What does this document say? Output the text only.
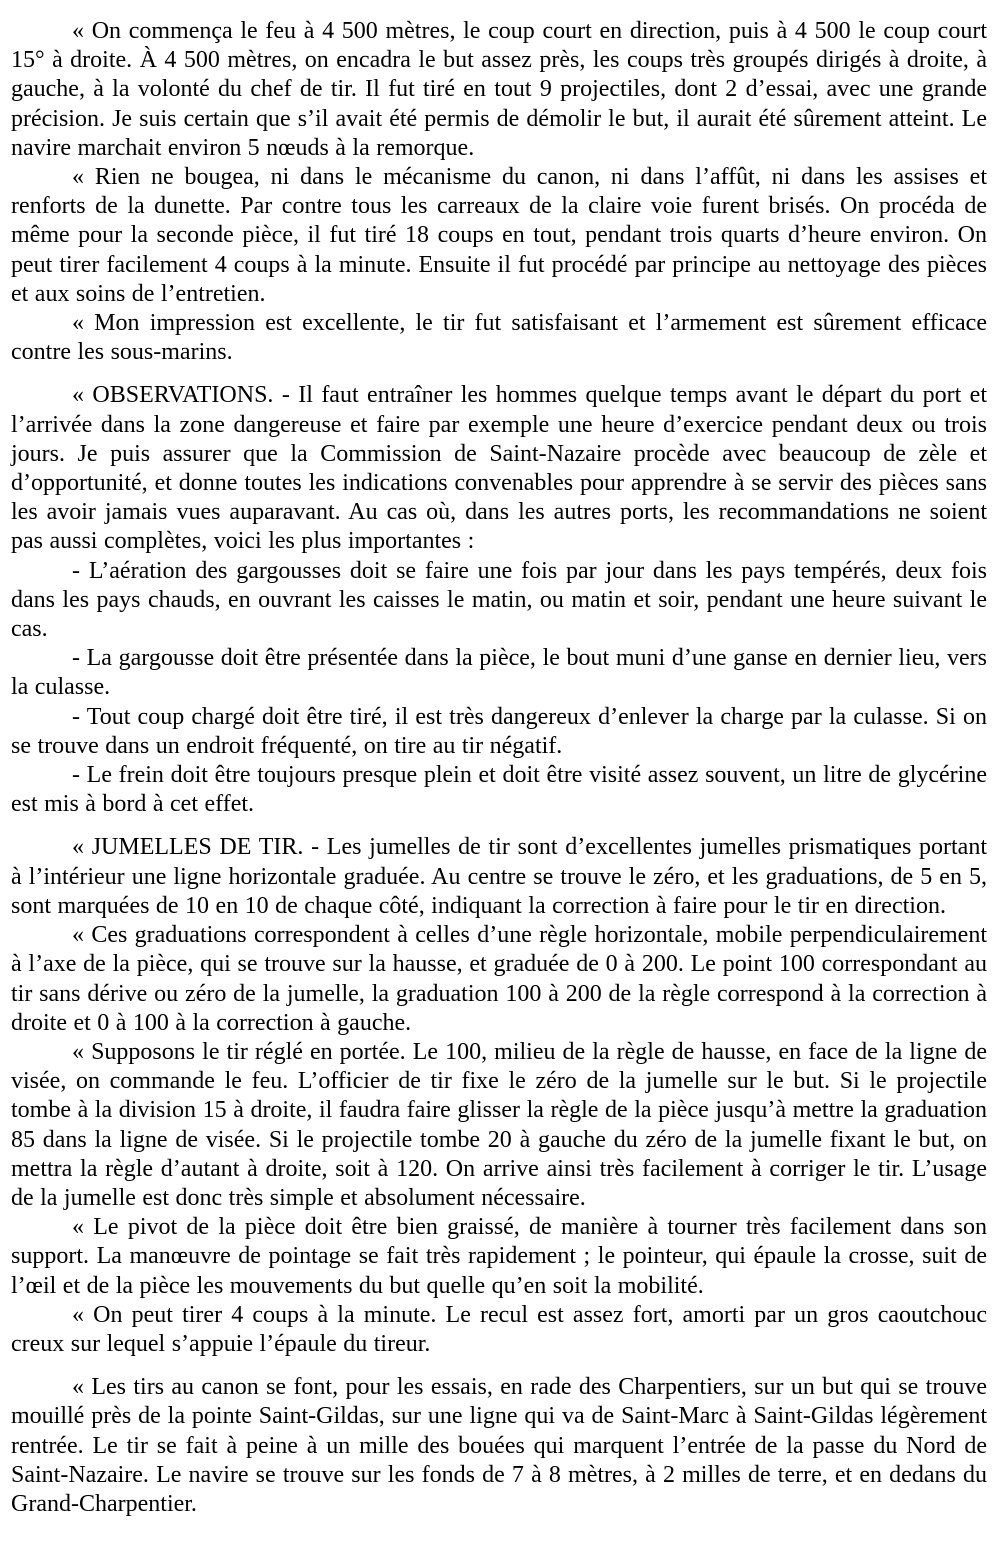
« On commença le feu à 4 500 mètres, le coup court en direction, puis à 4 500 le coup court 15° à droite. À 4 500 mètres, on encadra le but assez près, les coups très groupés dirigés à droite, à gauche, à la volonté du chef de tir. Il fut tiré en tout 9 projectiles, dont 2 d’essai, avec une grande précision. Je suis certain que s’il avait été permis de démolir le but, il aurait été sûrement atteint. Le navire marchait environ 5 nœuds à la remorque.

« Rien ne bougea, ni dans le mécanisme du canon, ni dans l’affût, ni dans les assises et renforts de la dunette. Par contre tous les carreaux de la claire voie furent brisés. On procéda de même pour la seconde pièce, il fut tiré 18 coups en tout, pendant trois quarts d’heure environ. On peut tirer facilement 4 coups à la minute. Ensuite il fut procédé par principe au nettoyage des pièces et aux soins de l’entretien.

« Mon impression est excellente, le tir fut satisfaisant et l’armement est sûrement efficace contre les sous-marins.

« OBSERVATIONS. - Il faut entraîner les hommes quelque temps avant le départ du port et l’arrivée dans la zone dangereuse et faire par exemple une heure d’exercice pendant deux ou trois jours. Je puis assurer que la Commission de Saint-Nazaire procède avec beaucoup de zèle et d’opportunité, et donne toutes les indications convenables pour apprendre à se servir des pièces sans les avoir jamais vues auparavant. Au cas où, dans les autres ports, les recommandations ne soient pas aussi complètes, voici les plus importantes :

- L’aération des gargousses doit se faire une fois par jour dans les pays tempérés, deux fois dans les pays chauds, en ouvrant les caisses le matin, ou matin et soir, pendant une heure suivant le cas.

- La gargousse doit être présentée dans la pièce, le bout muni d’une ganse en dernier lieu, vers la culasse.

- Tout coup chargé doit être tiré, il est très dangereux d’enlever la charge par la culasse. Si on se trouve dans un endroit fréquenté, on tire au tir négatif.

- Le frein doit être toujours presque plein et doit être visité assez souvent, un litre de glycérine est mis à bord à cet effet.

« JUMELLES DE TIR. - Les jumelles de tir sont d’excellentes jumelles prismatiques portant à l’intérieur une ligne horizontale graduée. Au centre se trouve le zéro, et les graduations, de 5 en 5, sont marquées de 10 en 10 de chaque côté, indiquant la correction à faire pour le tir en direction.

« Ces graduations correspondent à celles d’une règle horizontale, mobile perpendiculairement à l’axe de la pièce, qui se trouve sur la hausse, et graduée de 0 à 200. Le point 100 correspondant au tir sans dérive ou zéro de la jumelle, la graduation 100 à 200 de la règle correspond à la correction à droite et 0 à 100 à la correction à gauche.

« Supposons le tir réglé en portée. Le 100, milieu de la règle de hausse, en face de la ligne de visée, on commande le feu. L’officier de tir fixe le zéro de la jumelle sur le but. Si le projectile tombe à la division 15 à droite, il faudra faire glisser la règle de la pièce jusqu’à mettre la graduation 85 dans la ligne de visée. Si le projectile tombe 20 à gauche du zéro de la jumelle fixant le but, on mettra la règle d’autant à droite, soit à 120. On arrive ainsi très facilement à corriger le tir. L’usage de la jumelle est donc très simple et absolument nécessaire.

« Le pivot de la pièce doit être bien graissé, de manière à tourner très facilement dans son support. La manœuvre de pointage se fait très rapidement ; le pointeur, qui épaule la crosse, suit de l’œil et de la pièce les mouvements du but quelle qu’en soit la mobilité.

« On peut tirer 4 coups à la minute. Le recul est assez fort, amorti par un gros caoutchouc creux sur lequel s’appuie l’épaule du tireur.

« Les tirs au canon se font, pour les essais, en rade des Charpentiers, sur un but qui se trouve mouillé près de la pointe Saint-Gildas, sur une ligne qui va de Saint-Marc à Saint-Gildas légèrement rentrée. Le tir se fait à peine à un mille des bouées qui marquent l’entrée de la passe du Nord de Saint-Nazaire. Le navire se trouve sur les fonds de 7 à 8 mètres, à 2 milles de terre, et en dedans du Grand-Charpentier.
